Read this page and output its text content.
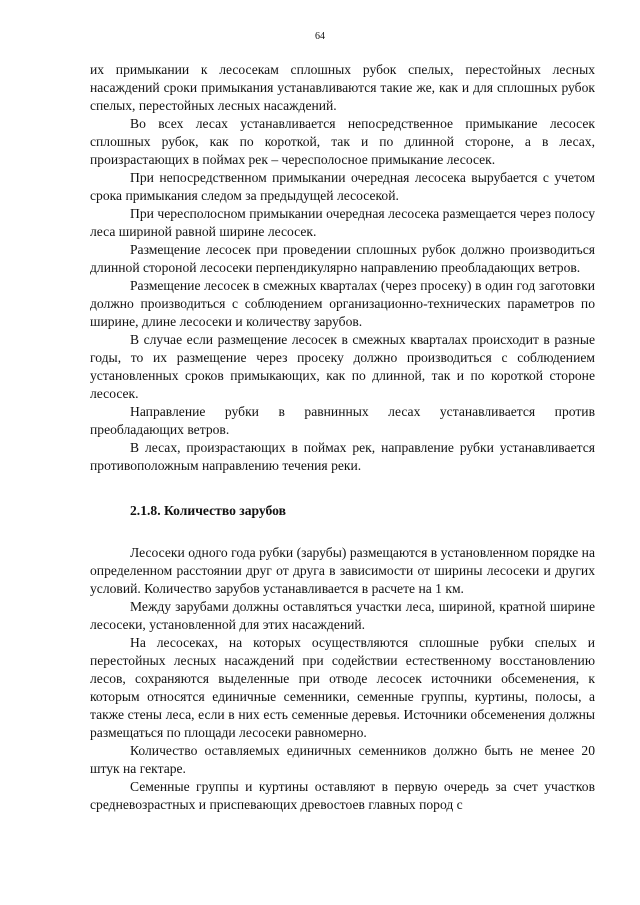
64

их примыкании к лесосекам сплошных рубок спелых, перестойных лесных насаждений сроки примыкания устанавливаются такие же, как и для сплошных рубок спелых, перестойных лесных насаждений.

Во всех лесах устанавливается непосредственное примыкание лесосек сплошных рубок, как по короткой, так и по длинной стороне, а в лесах, произрастающих в поймах рек – чересполосное примыкание лесосек.

При непосредственном примыкании очередная лесосека вырубается с учетом срока примыкания следом за предыдущей лесосекой.

При чересполосном примыкании очередная лесосека размещается через полосу леса шириной равной ширине лесосек.

Размещение лесосек при проведении сплошных рубок должно производиться длинной стороной лесосеки перпендикулярно направлению преобладающих ветров.

Размещение лесосек в смежных кварталах (через просеку) в один год заготовки должно производиться с соблюдением организационно-технических параметров по ширине, длине лесосеки и количеству зарубов.

В случае если размещение лесосек в смежных кварталах происходит в разные годы, то их размещение через просеку должно производиться с соблюдением установленных сроков примыкающих, как по длинной, так и по короткой стороне лесосек.

Направление рубки в равнинных лесах устанавливается против преобладающих ветров.

В лесах, произрастающих в поймах рек, направление рубки устанавливается противоположным направлению течения реки.

2.1.8. Количество зарубов

Лесосеки одного года рубки (зарубы) размещаются в установленном порядке на определенном расстоянии друг от друга в зависимости от ширины лесосеки и других условий. Количество зарубов устанавливается в расчете на 1 км.

Между зарубами должны оставляться участки леса, шириной, кратной ширине лесосеки, установленной для этих насаждений.

На лесосеках, на которых осуществляются сплошные рубки спелых и перестойных лесных насаждений при содействии естественному восстановлению лесов, сохраняются выделенные при отводе лесосек источники обсеменения, к которым относятся единичные семенники, семенные группы, куртины, полосы, а также стены леса, если в них есть семенные деревья. Источники обсеменения должны размещаться по площади лесосеки равномерно.

Количество оставляемых единичных семенников должно быть не менее 20 штук на гектаре.

Семенные группы и куртины оставляют в первую очередь за счет участков средневозрастных и приспевающих древостоев главных пород с
